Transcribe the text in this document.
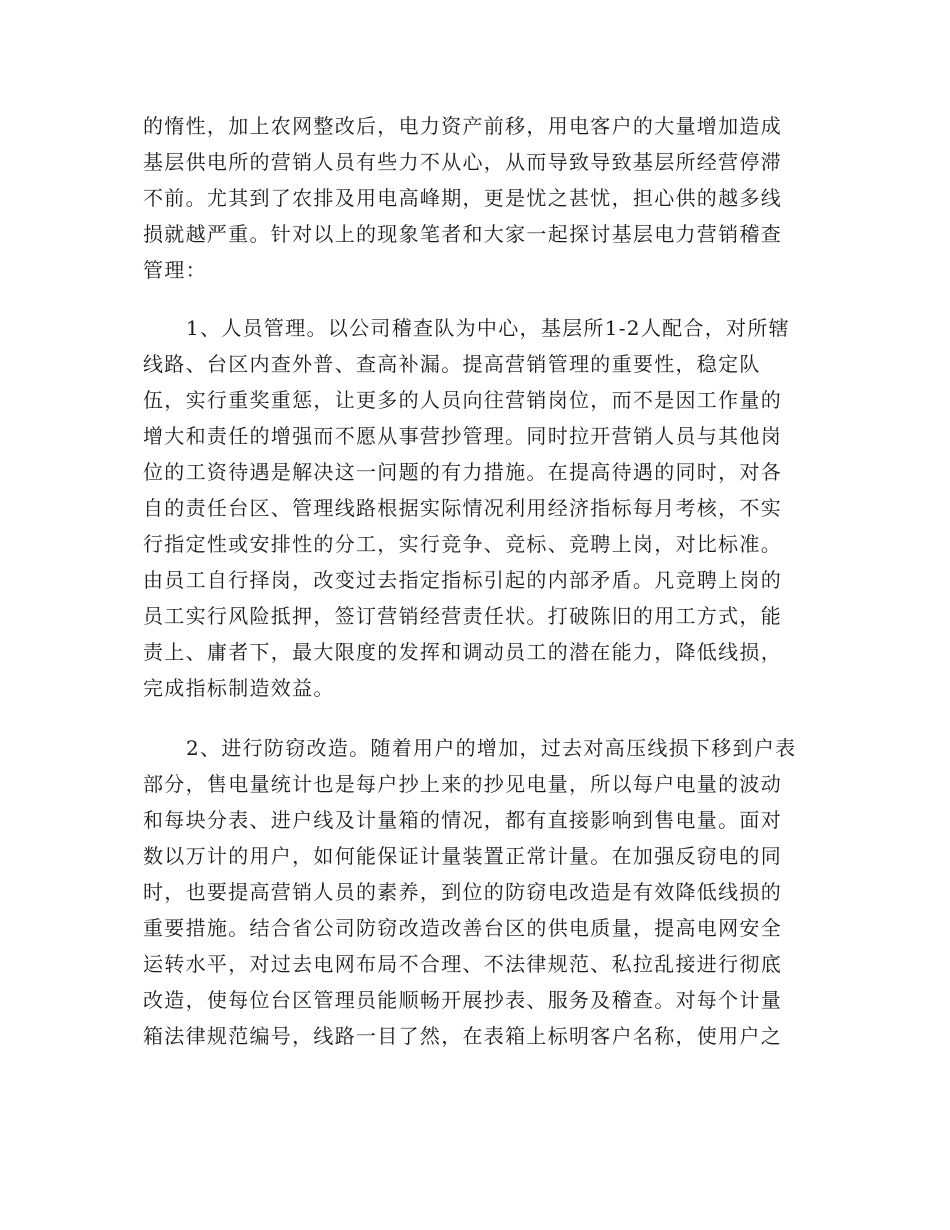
的惰性，加上农网整改后，电力资产前移，用电客户的大量增加造成
基层供电所的营销人员有些力不从心，从而导致导致基层所经营停滞
不前。尤其到了农排及用电高峰期，更是忧之甚忧，担心供的越多线
损就越严重。针对以上的现象笔者和大家一起探讨基层电力营销稽查
管理：
1、人员管理。以公司稽查队为中心，基层所1-2人配合，对所辖
线路、台区内查外普、查高补漏。提高营销管理的重要性，稳定队
伍，实行重奖重惩，让更多的人员向往营销岗位，而不是因工作量的
增大和责任的增强而不愿从事营抄管理。同时拉开营销人员与其他岗
位的工资待遇是解决这一问题的有力措施。在提高待遇的同时，对各
自的责任台区、管理线路根据实际情况利用经济指标每月考核，不实
行指定性或安排性的分工，实行竞争、竞标、竞聘上岗，对比标准。
由员工自行择岗，改变过去指定指标引起的内部矛盾。凡竞聘上岗的
员工实行风险抵押，签订营销经营责任状。打破陈旧的用工方式，能
责上、庸者下，最大限度的发挥和调动员工的潜在能力，降低线损，
完成指标制造效益。
2、进行防窃改造。随着用户的增加，过去对高压线损下移到户表
部分，售电量统计也是每户抄上来的抄见电量，所以每户电量的波动
和每块分表、进户线及计量箱的情况，都有直接影响到售电量。面对
数以万计的用户，如何能保证计量装置正常计量。在加强反窃电的同
时，也要提高营销人员的素养，到位的防窃电改造是有效降低线损的
重要措施。结合省公司防窃改造改善台区的供电质量，提高电网安全
运转水平，对过去电网布局不合理、不法律规范、私拉乱接进行彻底
改造，使每位台区管理员能顺畅开展抄表、服务及稽查。对每个计量
箱法律规范编号，线路一目了然，在表箱上标明客户名称，使用户之
